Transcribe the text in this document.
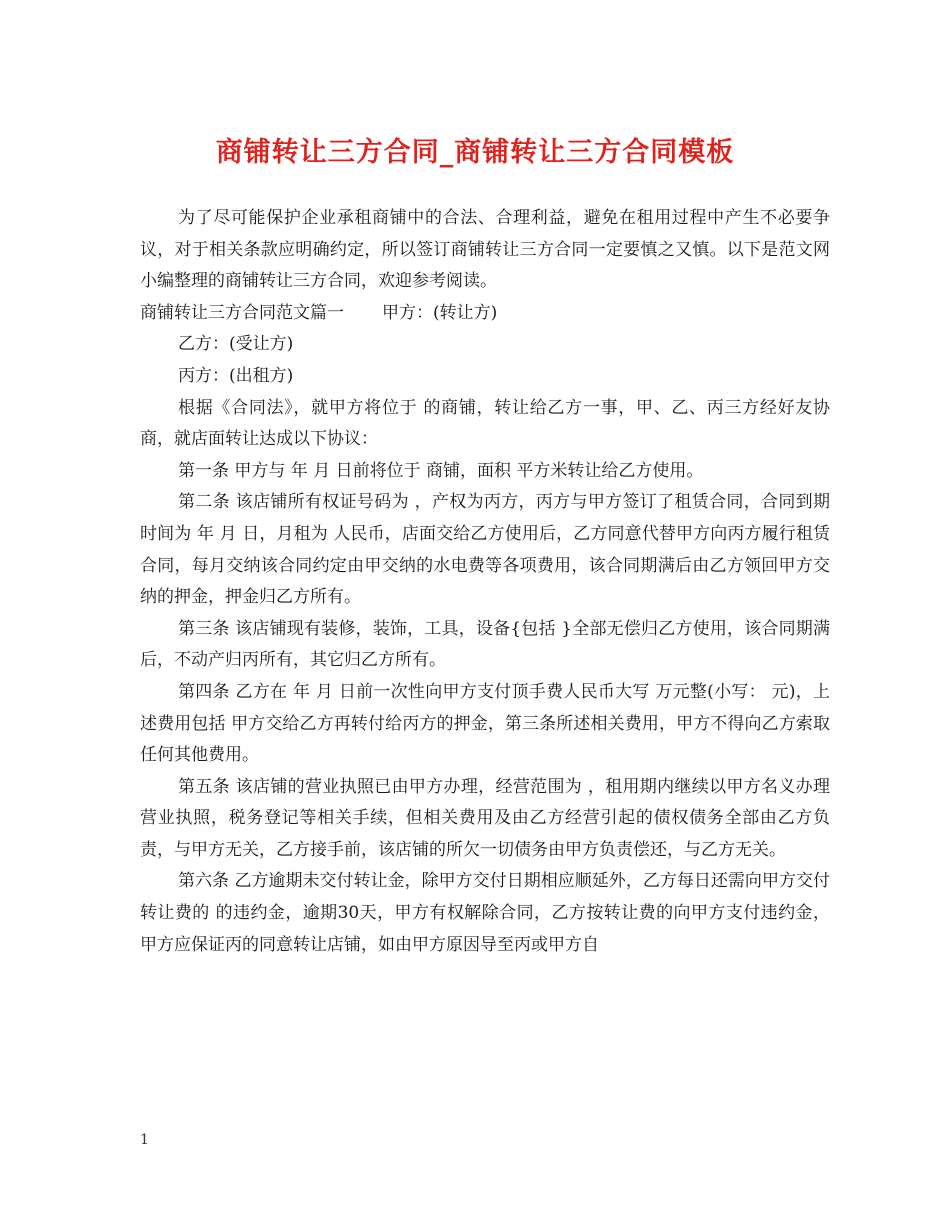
商铺转让三方合同_商铺转让三方合同模板

为了尽可能保护企业承租商铺中的合法、合理利益，避免在租用过程中产生不必要争议，对于相关条款应明确约定，所以签订商铺转让三方合同一定要慎之又慎。以下是范文网小编整理的商铺转让三方合同，欢迎参考阅读。

商铺转让三方合同范文篇一 甲方：(转让方)

乙方：(受让方)

丙方：(出租方)

根据《合同法》，就甲方将位于 的商铺，转让给乙方一事，甲、乙、丙三方经好友协商，就店面转让达成以下协议：

第一条 甲方与 年 月 日前将位于 商铺，面积 平方米转让给乙方使用。

第二条 该店铺所有权证号码为 ，产权为丙方，丙方与甲方签订了租赁合同，合同到期时间为 年 月 日，月租为 人民币，店面交给乙方使用后，乙方同意代替甲方向丙方履行租赁合同，每月交纳该合同约定由甲交纳的水电费等各项费用，该合同期满后由乙方领回甲方交纳的押金，押金归乙方所有。

第三条 该店铺现有装修，装饰，工具，设备{包括 }全部无偿归乙方使用，该合同期满后，不动产归丙所有，其它归乙方所有。

第四条 乙方在 年 月 日前一次性向甲方支付顶手费人民币大写 万元整(小写： 元)，上述费用包括 甲方交给乙方再转付给丙方的押金，第三条所述相关费用，甲方不得向乙方索取任何其他费用。

第五条 该店铺的营业执照已由甲方办理，经营范围为 ，租用期内继续以甲方名义办理营业执照，税务登记等相关手续，但相关费用及由乙方经营引起的债权债务全部由乙方负责，与甲方无关，乙方接手前，该店铺的所欠一切债务由甲方负责偿还，与乙方无关。

第六条 乙方逾期未交付转让金，除甲方交付日期相应顺延外，乙方每日还需向甲方交付转让费的 的违约金，逾期30天，甲方有权解除合同，乙方按转让费的向甲方支付违约金，甲方应保证丙的同意转让店铺，如由甲方原因导至丙或甲方自

1
